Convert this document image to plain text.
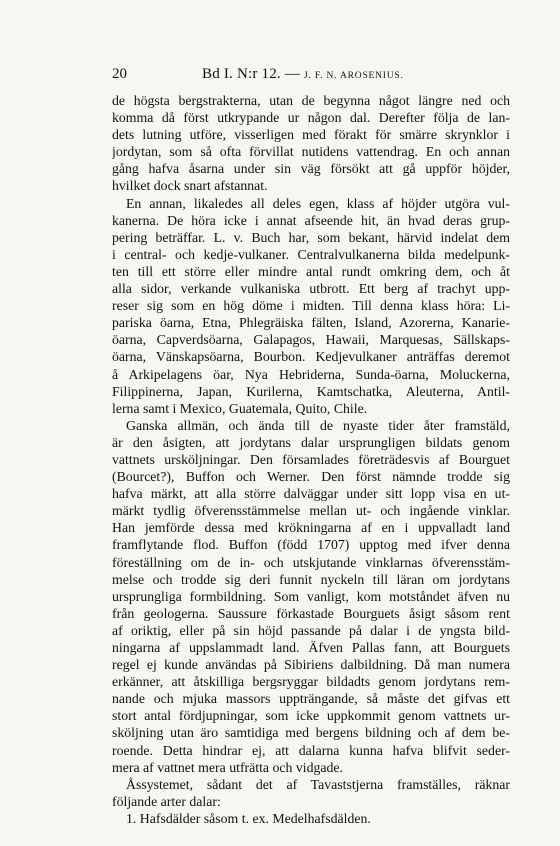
20	Bd I. N:r 12. — J. F. N. AROSENIUS.
de högsta bergstrakterna, utan de begynna något längre ned och
komma då först utkrypande ur någon dal. Derefter följa de lan-
dets lutning utföre, visserligen med förakt för smärre skrynklor i
jordytan, som så ofta förvillat nutidens vattendrag. En och annan
gång hafva åsarna under sin väg försökt att gå uppför höjder,
hvilket dock snart afstannat.
En annan, likaledes all deles egen, klass af höjder utgöra vul-
kanerna. De höra icke i annat afseende hit, än hvad deras grup-
pering beträffar. L. v. Buch har, som bekant, härvid indelat dem
i central- och kedje-vulkaner. Centralvulkanerna bilda medelpunk-
ten till ett större eller mindre antal rundt omkring dem, och åt
alla sidor, verkande vulkaniska utbrott. Ett berg af trachyt upp-
reser sig som en hög döme i midten. Till denna klass höra: Li-
pariska öarna, Etna, Phlegräiska fälten, Island, Azorerna, Kanarie-
öarna, Capverdsöarna, Galapagos, Hawaii, Marquesas, Sällskaps-
öarna, Vänskapsöarna, Bourbon. Kedjevulkaner anträffas deremot
å Arkipelagens öar, Nya Hebriderna, Sunda-öarna, Moluckerna,
Filippinerna, Japan, Kurilerna, Kamtschatka, Aleuterna, Antil-
lerna samt i Mexico, Guatemala, Quito, Chile.
Ganska allmän, och ända till de nyaste tider åter framstäld,
är den åsigten, att jordytans dalar ursprungligen bildats genom
vattnets ursköljningar. Den församlades företrädesvis af Bourguet
(Bourcet?), Buffon och Werner. Den först nämnde trodde sig
hafva märkt, att alla större dalväggar under sitt lopp visa en ut-
märkt tydlig öfverensstämmelse mellan ut- och ingående vinklar.
Han jemförde dessa med krökningarna af en i uppvalladt land
framflytande flod. Buffon (född 1707) upptog med ifver denna
föreställning om de in- och utskjutande vinklarnas öfverensstäm-
melse och trodde sig deri funnit nyckeln till läran om jordytans
ursprungliga formbildning. Som vanligt, kom motståndet äfven nu
från geologerna. Saussure förkastade Bourguets åsigt såsom rent
af oriktig, eller på sin höjd passande på dalar i de yngsta bild-
ningarna af uppslammadt land. Äfven Pallas fann, att Bourguets
regel ej kunde användas på Sibiriens dalbildning. Då man numera
erkänner, att åtskilliga bergsryggar bildadts genom jordytans rem-
nande och mjuka massors uppträngande, så måste det gifvas ett
stort antal fördjupningar, som icke uppkommit genom vattnets ur-
sköljning utan äro samtidiga med bergens bildning och af dem be-
roende. Detta hindrar ej, att dalarna kunna hafva blifvit seder-
mera af vattnet mera utfrätta och vidgade.
Åssystemet, sådant det af Tavaststjerna framställes, räknar
följande arter dalar:
1. Hafsdälder såsom t. ex. Medelhafsdälden.
